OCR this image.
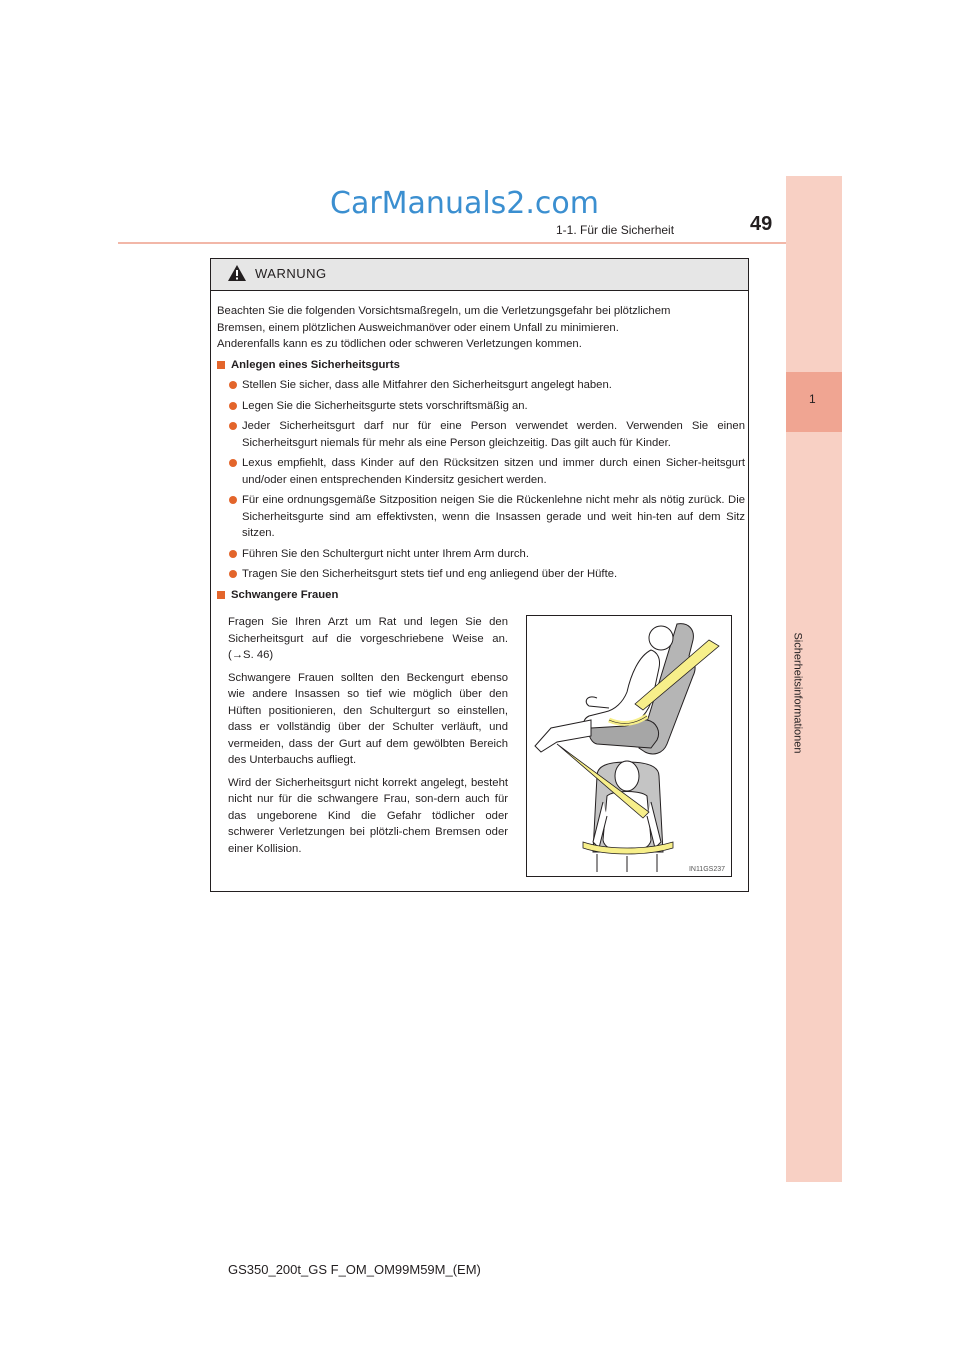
CarManuals2.com
1
Sicherheitsinformationen
1-1. Für die Sicherheit	49
WARNUNG

Beachten Sie die folgenden Vorsichtsmaßregeln, um die Verletzungsgefahr bei plötzlichem
Bremsen, einem plötzlichen Ausweichmanöver oder einem Unfall zu minimieren.
Anderenfalls kann es zu tödlichen oder schweren Verletzungen kommen.

Anlegen eines Sicherheitsgurts
Stellen Sie sicher, dass alle Mitfahrer den Sicherheitsgurt angelegt haben.
Legen Sie die Sicherheitsgurte stets vorschriftsmäßig an.
Jeder Sicherheitsgurt darf nur für eine Person verwendet werden. Verwenden Sie einen Sicherheitsgurt niemals für mehr als eine Person gleichzeitig. Das gilt auch für Kinder.
Lexus empfiehlt, dass Kinder auf den Rücksitzen sitzen und immer durch einen Sicher-heitsgurt und/oder einen entsprechenden Kindersitz gesichert werden.
Für eine ordnungsgemäße Sitzposition neigen Sie die Rückenlehne nicht mehr als nötig zurück. Die Sicherheitsgurte sind am effektivsten, wenn die Insassen gerade und weit hin-ten auf dem Sitz sitzen.
Führen Sie den Schultergurt nicht unter Ihrem Arm durch.
Tragen Sie den Sicherheitsgurt stets tief und eng anliegend über der Hüfte.
Schwangere Frauen

Fragen Sie Ihren Arzt um Rat und legen Sie den Sicherheitsgurt auf die vorgeschriebene Weise an. (→S. 46)

Schwangere Frauen sollten den Beckengurt ebenso wie andere Insassen so tief wie möglich über den Hüften positionieren, den Schultergurt so einstellen, dass er vollständig über der Schulter verläuft, und vermeiden, dass der Gurt auf dem gewölbten Bereich des Unterbauchs aufliegt.

Wird der Sicherheitsgurt nicht korrekt angelegt, besteht nicht nur für die schwangere Frau, son-dern auch für das ungeborene Kind die Gefahr tödlicher oder schwerer Verletzungen bei plötzli-chem Bremsen oder einer Kollision.

IN11GS237
GS350_200t_GS F_OM_OM99M59M_(EM)
